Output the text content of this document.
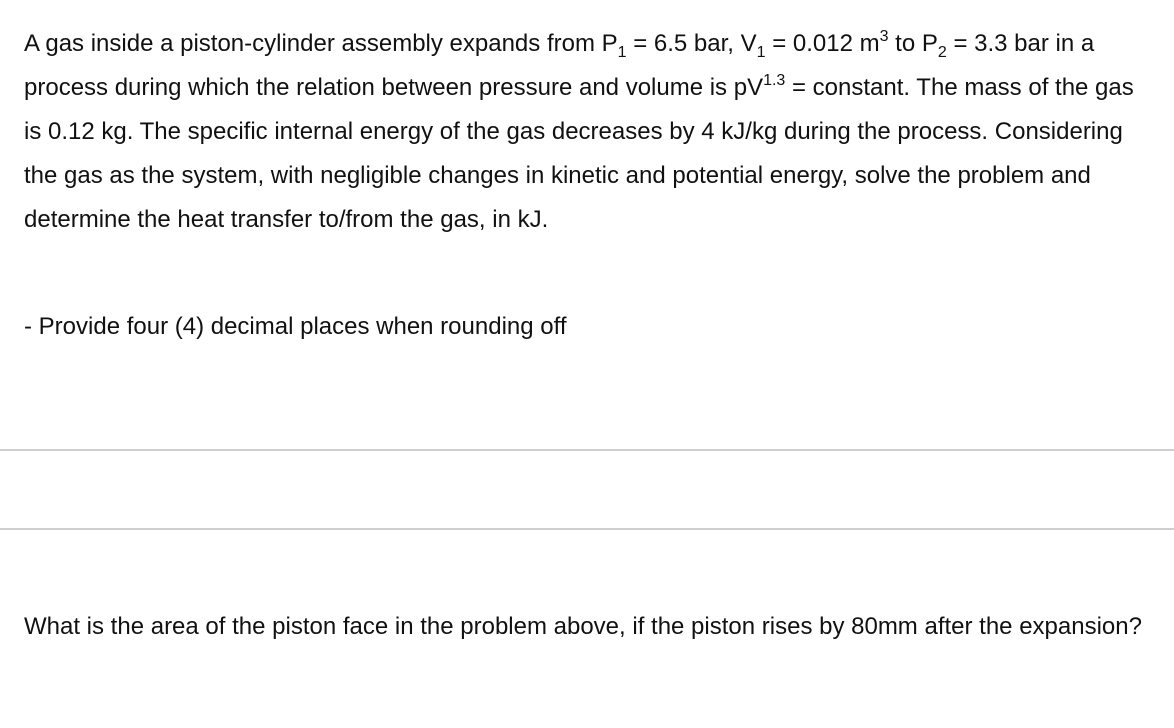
A gas inside a piston-cylinder assembly expands from $P_1 = 6.5$ bar, $V_1 = 0.012$ $m^3$ to $P_2 = 3.3$ bar in a process during which the relation between pressure and volume is $pV^{1.3}$ = constant. The mass of the gas is 0.12 kg. The specific internal energy of the gas decreases by 4 kJ/kg during the process. Considering the gas as the system, with negligible changes in kinetic and potential energy, solve the problem and determine the heat transfer to/from the gas, in kJ.

- Provide four (4) decimal places when rounding off

What is the area of the piston face in the problem above, if the piston rises by 80mm after the expansion?
